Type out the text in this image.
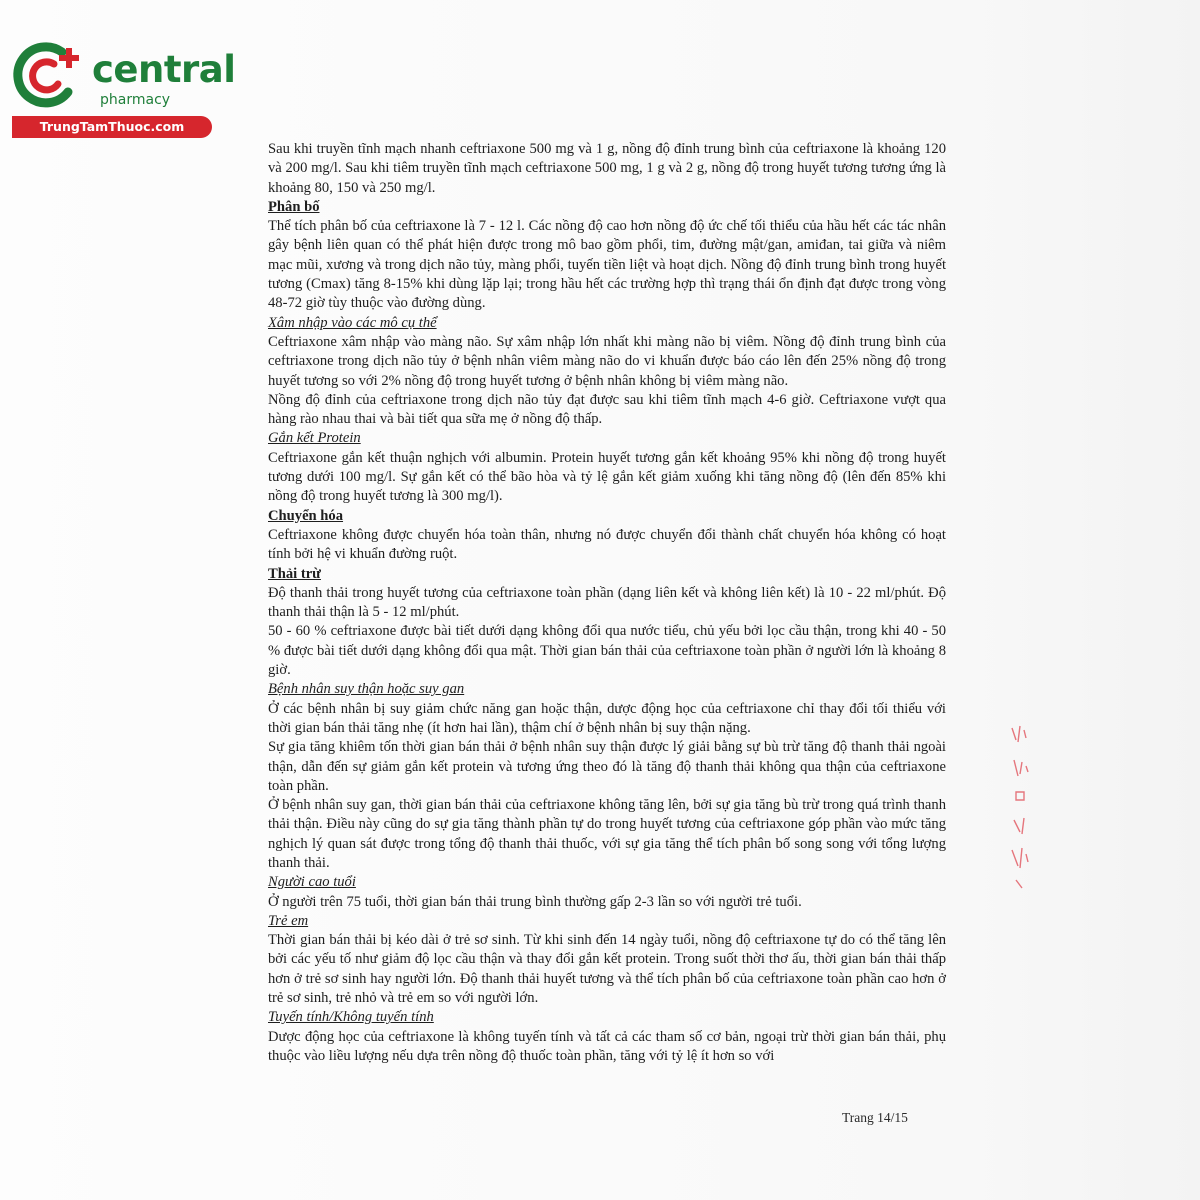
central
pharmacy
TrungTamThuoc.com

Sau khi truyền tĩnh mạch nhanh ceftriaxone 500 mg và 1 g, nồng độ đỉnh trung bình của ceftriaxone là khoảng 120 và 200 mg/l. Sau khi tiêm truyền tĩnh mạch ceftriaxone 500 mg, 1 g và 2 g, nồng độ trong huyết tương tương ứng là khoảng 80, 150 và 250 mg/l.

Phân bố

Thể tích phân bố của ceftriaxone là 7 - 12 l. Các nồng độ cao hơn nồng độ ức chế tối thiểu của hầu hết các tác nhân gây bệnh liên quan có thể phát hiện được trong mô bao gồm phổi, tim, đường mật/gan, amiđan, tai giữa và niêm mạc mũi, xương và trong dịch não tủy, màng phổi, tuyến tiền liệt và hoạt dịch. Nồng độ đỉnh trung bình trong huyết tương (Cmax) tăng 8-15% khi dùng lặp lại; trong hầu hết các trường hợp thì trạng thái ổn định đạt được trong vòng 48-72 giờ tùy thuộc vào đường dùng.

Xâm nhập vào các mô cụ thể

Ceftriaxone xâm nhập vào màng não. Sự xâm nhập lớn nhất khi màng não bị viêm. Nồng độ đỉnh trung bình của ceftriaxone trong dịch não tủy ở bệnh nhân viêm màng não do vi khuẩn được báo cáo lên đến 25% nồng độ trong huyết tương so với 2% nồng độ trong huyết tương ở bệnh nhân không bị viêm màng não.

Nồng độ đỉnh của ceftriaxone trong dịch não tủy đạt được sau khi tiêm tĩnh mạch 4-6 giờ. Ceftriaxone vượt qua hàng rào nhau thai và bài tiết qua sữa mẹ ở nồng độ thấp.

Gắn kết Protein

Ceftriaxone gắn kết thuận nghịch với albumin. Protein huyết tương gắn kết khoảng 95% khi nồng độ trong huyết tương dưới 100 mg/l. Sự gắn kết có thể bão hòa và tỷ lệ gắn kết giảm xuống khi tăng nồng độ (lên đến 85% khi nồng độ trong huyết tương là 300 mg/l).

Chuyển hóa

Ceftriaxone không được chuyển hóa toàn thân, nhưng nó được chuyển đổi thành chất chuyển hóa không có hoạt tính bởi hệ vi khuẩn đường ruột.

Thải trừ

Độ thanh thải trong huyết tương của ceftriaxone toàn phần (dạng liên kết và không liên kết) là 10 - 22 ml/phút. Độ thanh thải thận là 5 - 12 ml/phút.

50 - 60 % ceftriaxone được bài tiết dưới dạng không đổi qua nước tiểu, chủ yếu bởi lọc cầu thận, trong khi 40 - 50 % được bài tiết dưới dạng không đổi qua mật. Thời gian bán thải của ceftriaxone toàn phần ở người lớn là khoảng 8 giờ.

Bệnh nhân suy thận hoặc suy gan

Ở các bệnh nhân bị suy giảm chức năng gan hoặc thận, dược động học của ceftriaxone chỉ thay đổi tối thiểu với thời gian bán thải tăng nhẹ (ít hơn hai lần), thậm chí ở bệnh nhân bị suy thận nặng.

Sự gia tăng khiêm tốn thời gian bán thải ở bệnh nhân suy thận được lý giải bằng sự bù trừ tăng độ thanh thải ngoài thận, dẫn đến sự giảm gắn kết protein và tương ứng theo đó là tăng độ thanh thải không qua thận của ceftriaxone toàn phần.

Ở bệnh nhân suy gan, thời gian bán thải của ceftriaxone không tăng lên, bởi sự gia tăng bù trừ trong quá trình thanh thải thận. Điều này cũng do sự gia tăng thành phần tự do trong huyết tương của ceftriaxone góp phần vào mức tăng nghịch lý quan sát được trong tổng độ thanh thải thuốc, với sự gia tăng thể tích phân bố song song với tổng lượng thanh thải.

Người cao tuổi

Ở người trên 75 tuổi, thời gian bán thải trung bình thường gấp 2-3 lần so với người trẻ tuổi.

Trẻ em

Thời gian bán thải bị kéo dài ở trẻ sơ sinh. Từ khi sinh đến 14 ngày tuổi, nồng độ ceftriaxone tự do có thể tăng lên bởi các yếu tố như giảm độ lọc cầu thận và thay đổi gắn kết protein. Trong suốt thời thơ ấu, thời gian bán thải thấp hơn ở trẻ sơ sinh hay người lớn. Độ thanh thải huyết tương và thể tích phân bố của ceftriaxone toàn phần cao hơn ở trẻ sơ sinh, trẻ nhỏ và trẻ em so với người lớn.

Tuyến tính/Không tuyến tính

Dược động học của ceftriaxone là không tuyến tính và tất cả các tham số cơ bản, ngoại trừ thời gian bán thải, phụ thuộc vào liều lượng nếu dựa trên nồng độ thuốc toàn phần, tăng với tỷ lệ ít hơn so với

Trang 14/15
